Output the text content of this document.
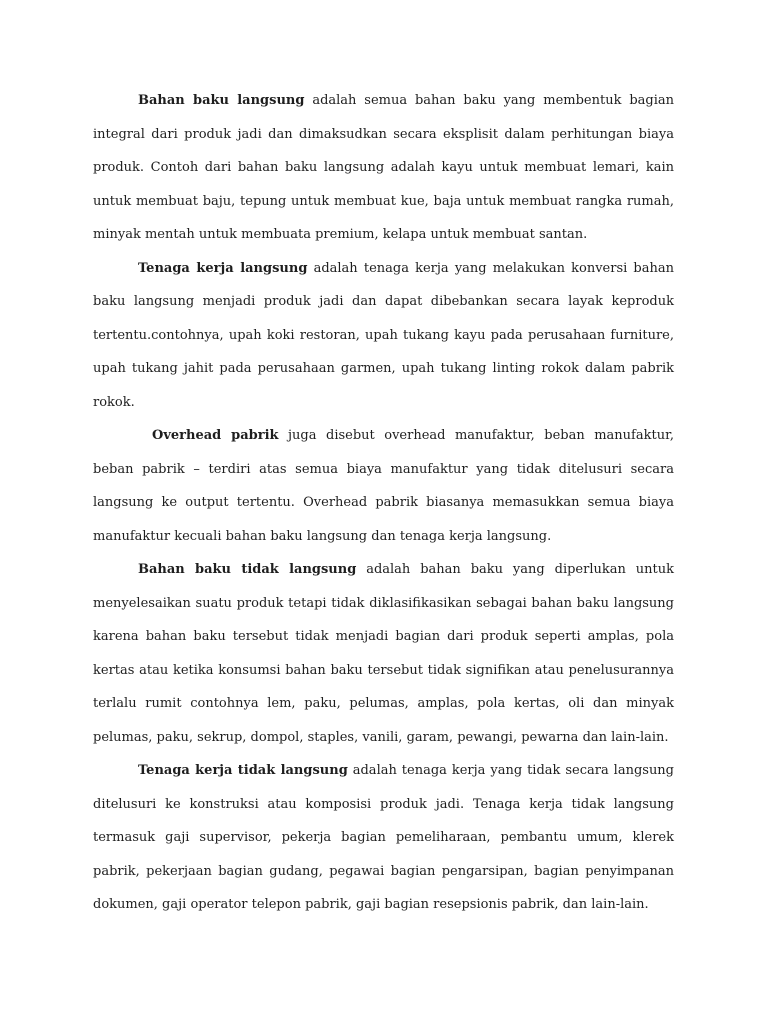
Bahan baku langsung adalah semua bahan baku yang membentuk bagian integral dari produk jadi dan dimaksudkan secara eksplisit dalam perhitungan biaya produk. Contoh dari bahan baku langsung adalah kayu untuk membuat lemari, kain untuk membuat baju, tepung untuk membuat kue, baja untuk membuat rangka rumah, minyak mentah untuk membuata premium, kelapa untuk membuat santan.

Tenaga kerja langsung adalah tenaga kerja yang melakukan konversi bahan baku langsung menjadi produk jadi dan dapat dibebankan secara layak keproduk tertentu.contohnya, upah koki restoran, upah tukang kayu pada perusahaan furniture, upah tukang jahit pada perusahaan garmen, upah tukang linting rokok dalam pabrik rokok.

Overhead pabrik juga disebut overhead manufaktur, beban manufaktur, beban pabrik – terdiri atas semua biaya manufaktur yang tidak ditelusuri secara langsung ke output tertentu. Overhead pabrik biasanya memasukkan semua biaya manufaktur kecuali bahan baku langsung dan tenaga kerja langsung.

Bahan baku tidak langsung adalah bahan baku yang diperlukan untuk menyelesaikan suatu produk tetapi tidak diklasifikasikan sebagai bahan baku langsung karena bahan baku tersebut tidak menjadi bagian dari produk seperti amplas, pola kertas atau ketika konsumsi bahan baku tersebut tidak signifikan atau penelusurannya terlalu rumit contohnya lem, paku, pelumas, amplas, pola kertas, oli dan minyak pelumas, paku, sekrup, dompol, staples, vanili, garam, pewangi, pewarna dan lain-lain.

Tenaga kerja tidak langsung adalah tenaga kerja yang tidak secara langsung ditelusuri ke konstruksi atau komposisi produk jadi. Tenaga kerja tidak langsung termasuk gaji supervisor, pekerja bagian pemeliharaan, pembantu umum, klerek pabrik, pekerjaan bagian gudang, pegawai bagian pengarsipan, bagian penyimpanan dokumen, gaji operator telepon pabrik, gaji bagian resepsionis pabrik, dan lain-lain.
